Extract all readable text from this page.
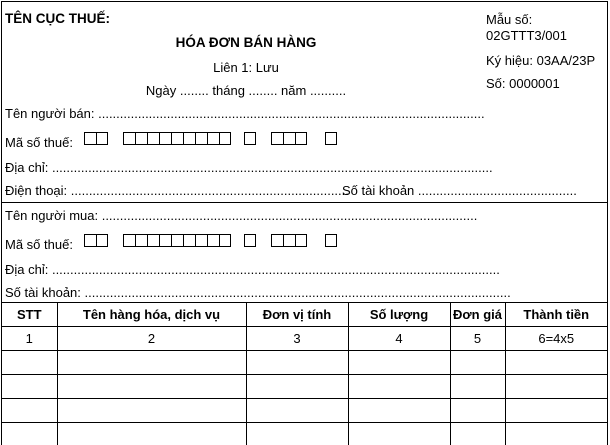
TÊN CỤC THUẾ:
HÓA ĐƠN BÁN HÀNG
Liên 1: Lưu
Ngày ........ tháng ........ năm ..........
Mẫu số:
02GTTT3/001
Ký hiệu: 03AA/23P
Số: 0000001
Tên người bán: ...........................................................................................................
Mã số thuế:
Địa chỉ: ..........................................................................................................................
Điện thoại: .............................................................................
Số tài khoản ............................................
Tên người mua: ........................................................................................................
Mã số thuế:
Địa chỉ: ............................................................................................................................
Số tài khoản: ......................................................................................................................
STT	Tên hàng hóa, dịch vụ	Đơn vị tính	Số lượng	Đơn giá	Thành tiền
1	2	3	4	5	6=4x5
